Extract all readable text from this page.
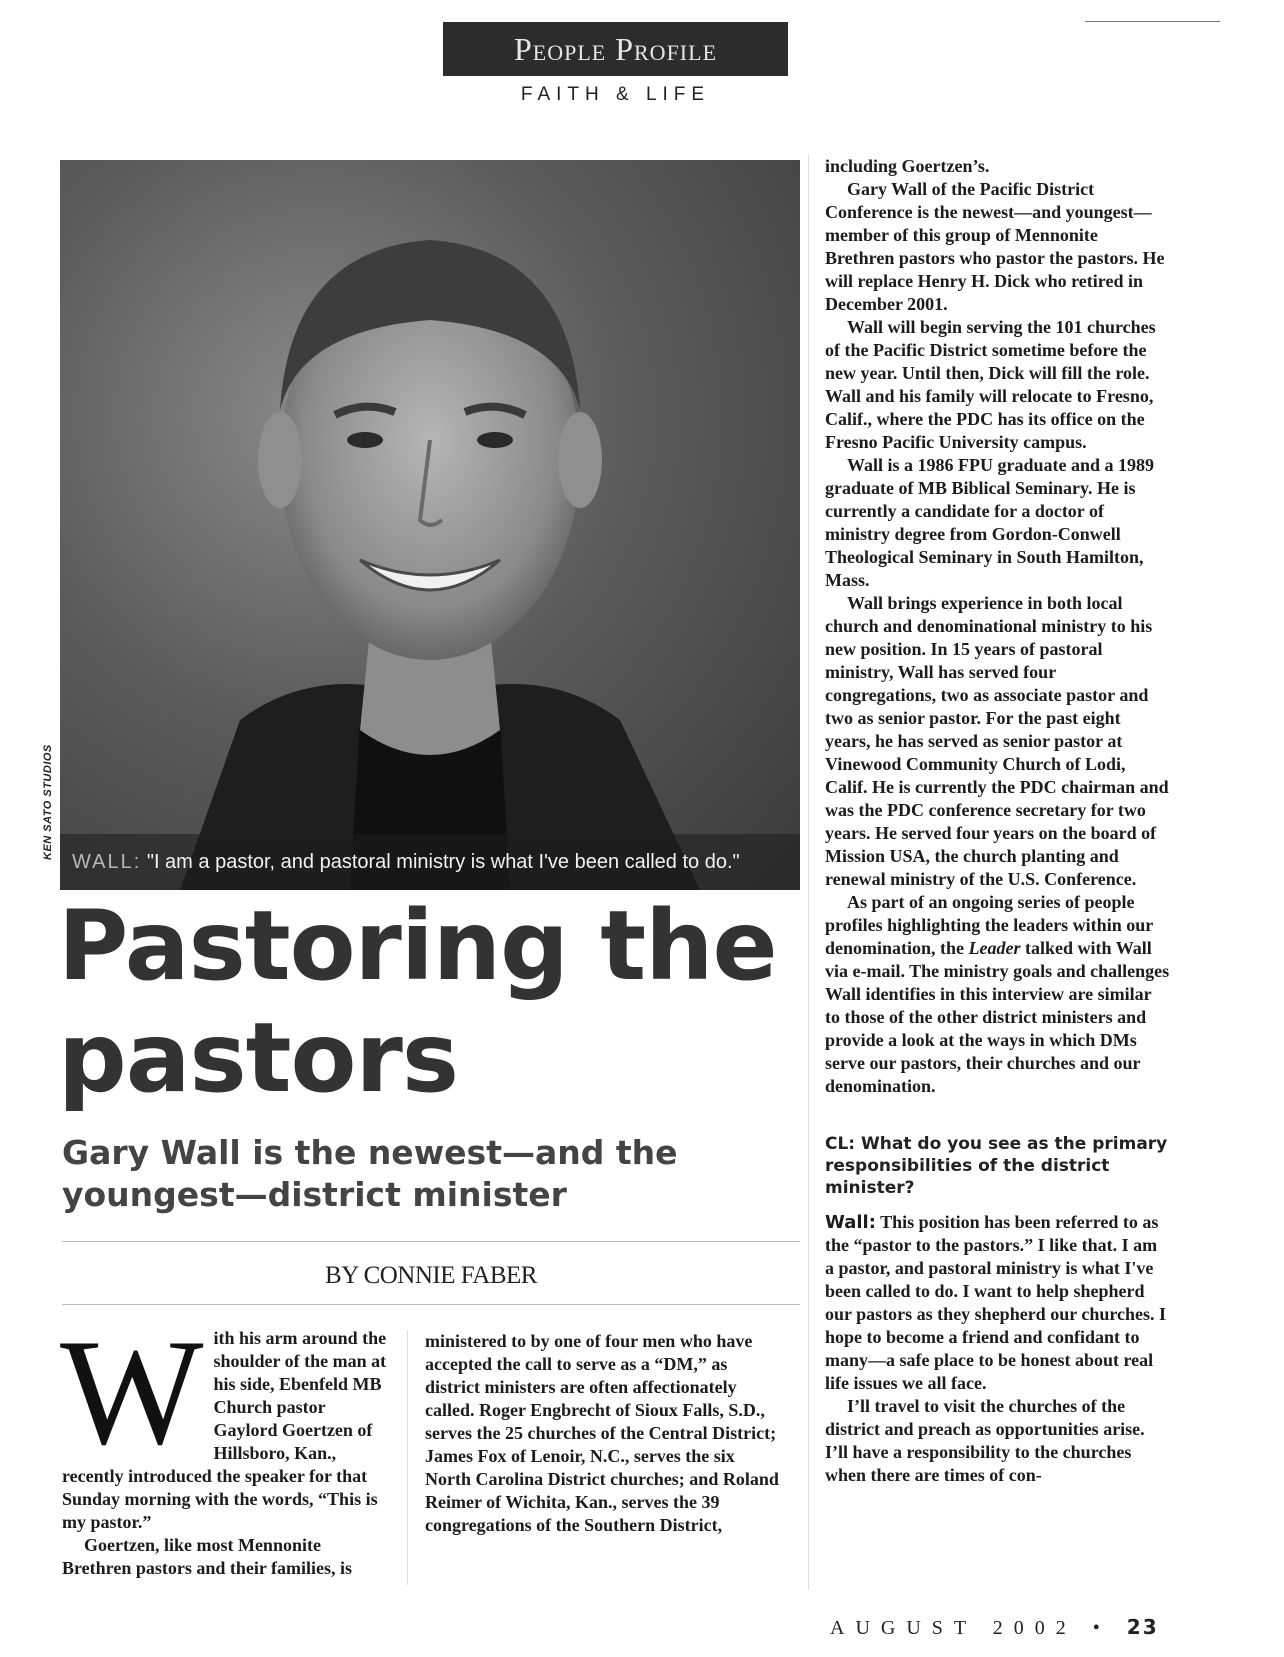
People Profile
FAITH & LIFE
KEN SATO STUDIOS
WALL: "I am a pastor, and pastoral ministry is what I've been called to do."
Pastoring the
pastors
Gary Wall is the newest—and the
youngest—district minister
BY CONNIE FABER

With his arm around the shoulder of the man at his side, Ebenfeld MB Church pastor Gaylord Goertzen of Hillsboro, Kan., recently introduced the speaker for that Sunday morning with the words, “This is my pastor.”

Goertzen, like most Mennonite Brethren pastors and their families, is

ministered to by one of four men who have accepted the call to serve as a “DM,” as district ministers are often affectionately called. Roger Engbrecht of Sioux Falls, S.D., serves the 25 churches of the Central District; James Fox of Lenoir, N.C., serves the six North Carolina District churches; and Roland Reimer of Wichita, Kan., serves the 39 congregations of the Southern District,

including Goertzen’s.

Gary Wall of the Pacific District Conference is the newest—and youngest—member of this group of Mennonite Brethren pastors who pastor the pastors. He will replace Henry H. Dick who retired in December 2001.

Wall will begin serving the 101 churches of the Pacific District sometime before the new year. Until then, Dick will fill the role. Wall and his family will relocate to Fresno, Calif., where the PDC has its office on the Fresno Pacific University campus.

Wall is a 1986 FPU graduate and a 1989 graduate of MB Biblical Seminary. He is currently a candidate for a doctor of ministry degree from Gordon-Conwell Theological Seminary in South Hamilton, Mass.

Wall brings experience in both local church and denominational ministry to his new position. In 15 years of pastoral ministry, Wall has served four congregations, two as associate pastor and two as senior pastor. For the past eight years, he has served as senior pastor at Vinewood Community Church of Lodi, Calif. He is currently the PDC chairman and was the PDC conference secretary for two years. He served four years on the board of Mission USA, the church planting and renewal ministry of the U.S. Conference.

As part of an ongoing series of people profiles highlighting the leaders within our denomination, the Leader talked with Wall via e-mail. The ministry goals and challenges Wall identifies in this interview are similar to those of the other district ministers and provide a look at the ways in which DMs serve our pastors, their churches and our denomination.

CL: What do you see as the primary responsibilities of the district minister?

Wall: This position has been referred to as the “pastor to the pastors.” I like that. I am a pastor, and pastoral ministry is what I've been called to do. I want to help shepherd our pastors as they shepherd our churches. I hope to become a friend and confidant to many—a safe place to be honest about real life issues we all face.

I’ll travel to visit the churches of the district and preach as opportunities arise. I’ll have a responsibility to the churches when there are times of con-

AUGUST 2002 • 23
